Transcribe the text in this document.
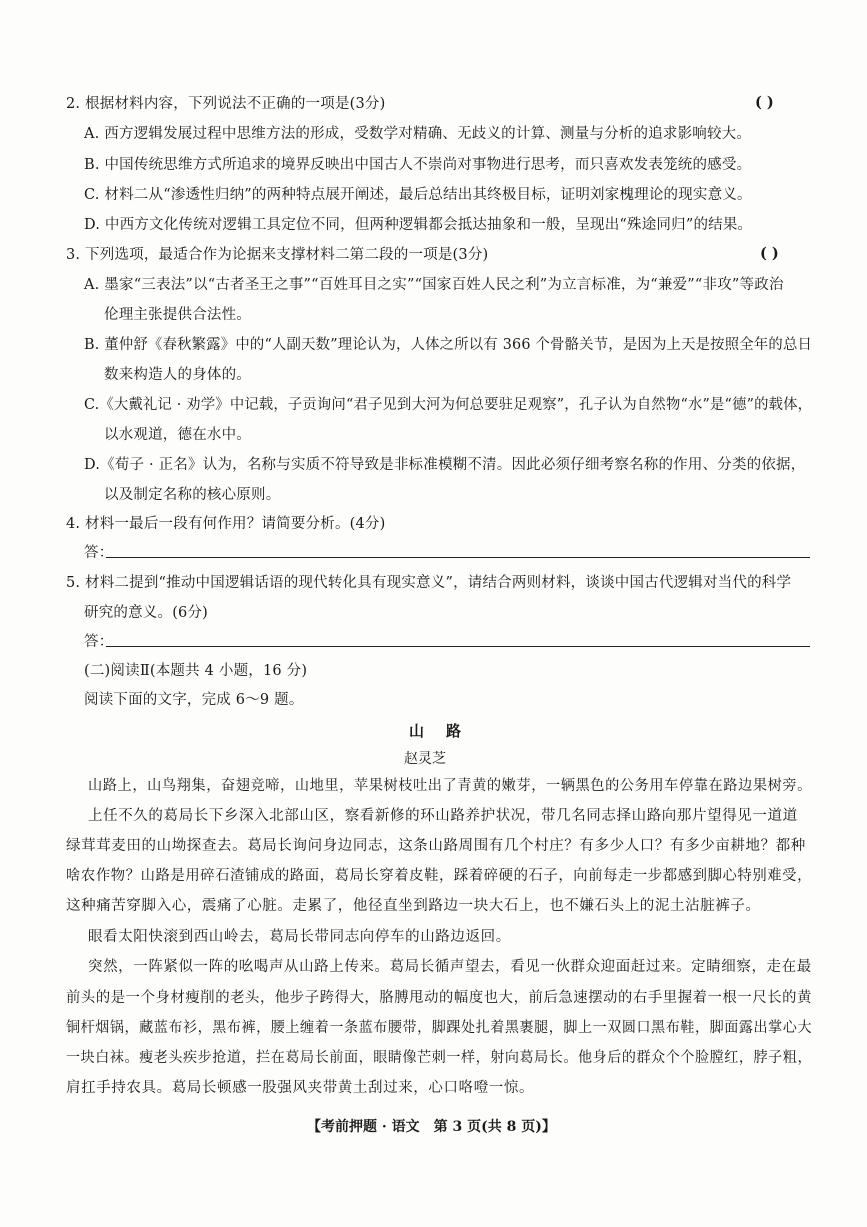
2. 根据材料内容，下列说法不正确的一项是(3分)	( )
A. 西方逻辑发展过程中思维方法的形成，受数学对精确、无歧义的计算、测量与分析的追求影响较大。
B. 中国传统思维方式所追求的境界反映出中国古人不崇尚对事物进行思考，而只喜欢发表笼统的感受。
C. 材料二从“渗透性归纳”的两种特点展开阐述，最后总结出其终极目标，证明刘家槐理论的现实意义。
D. 中西方文化传统对逻辑工具定位不同，但两种逻辑都会抵达抽象和一般，呈现出“殊途同归”的结果。
3. 下列选项，最适合作为论据来支撑材料二第二段的一项是(3分)	( )
A. 墨家“三表法”以“古者圣王之事”“百姓耳目之实”“国家百姓人民之利”为立言标准，为“兼爱”“非攻”等政治
伦理主张提供合法性。
B. 董仲舒《春秋繁露》中的“人副天数”理论认为，人体之所以有 366 个骨骼关节，是因为上天是按照全年的总日
数来构造人的身体的。
C.《大戴礼记 · 劝学》中记载，子贡询问“君子见到大河为何总要驻足观察”，孔子认为自然物“水”是“德”的载体，
以水观道，德在水中。
D.《荀子 · 正名》认为，名称与实质不符导致是非标准模糊不清。因此必须仔细考察名称的作用、分类的依据，
以及制定名称的核心原则。
4. 材料一最后一段有何作用？请简要分析。(4分)
答：
5. 材料二提到“推动中国逻辑话语的现代转化具有现实意义”，请结合两则材料，谈谈中国古代逻辑对当代的科学
研究的意义。(6分)
答：
(二)阅读Ⅱ(本题共 4 小题，16 分)
阅读下面的文字，完成 6～9 题。
山路
赵灵芝
山路上，山鸟翔集，奋翅竞啼，山地里，苹果树枝吐出了青黄的嫩芽，一辆黑色的公务用车停靠在路边果树旁。
上任不久的葛局长下乡深入北部山区，察看新修的环山路养护状况，带几名同志择山路向那片望得见一道道
绿茸茸麦田的山坳探查去。葛局长询问身边同志，这条山路周围有几个村庄？有多少人口？有多少亩耕地？都种
啥农作物？山路是用碎石渣铺成的路面，葛局长穿着皮鞋，踩着碎硬的石子，向前每走一步都感到脚心特别难受，
这种痛苦穿脚入心，震痛了心脏。走累了，他径直坐到路边一块大石上，也不嫌石头上的泥土沾脏裤子。
眼看太阳快滚到西山岭去，葛局长带同志向停车的山路边返回。
突然，一阵紧似一阵的吆喝声从山路上传来。葛局长循声望去，看见一伙群众迎面赶过来。定睛细察，走在最
前头的是一个身材瘦削的老头，他步子跨得大，胳膊甩动的幅度也大，前后急速摆动的右手里握着一根一尺长的黄
铜杆烟锅，藏蓝布衫，黑布裤，腰上缠着一条蓝布腰带，脚踝处扎着黑裹腿，脚上一双圆口黑布鞋，脚面露出掌心大
一块白袜。瘦老头疾步抢道，拦在葛局长前面，眼睛像芒刺一样，射向葛局长。他身后的群众个个脸膛红，脖子粗，
肩扛手持农具。葛局长顿感一股强风夹带黄土刮过来，心口咯噔一惊。
【考前押题 · 语文　第 3 页(共 8 页)】
